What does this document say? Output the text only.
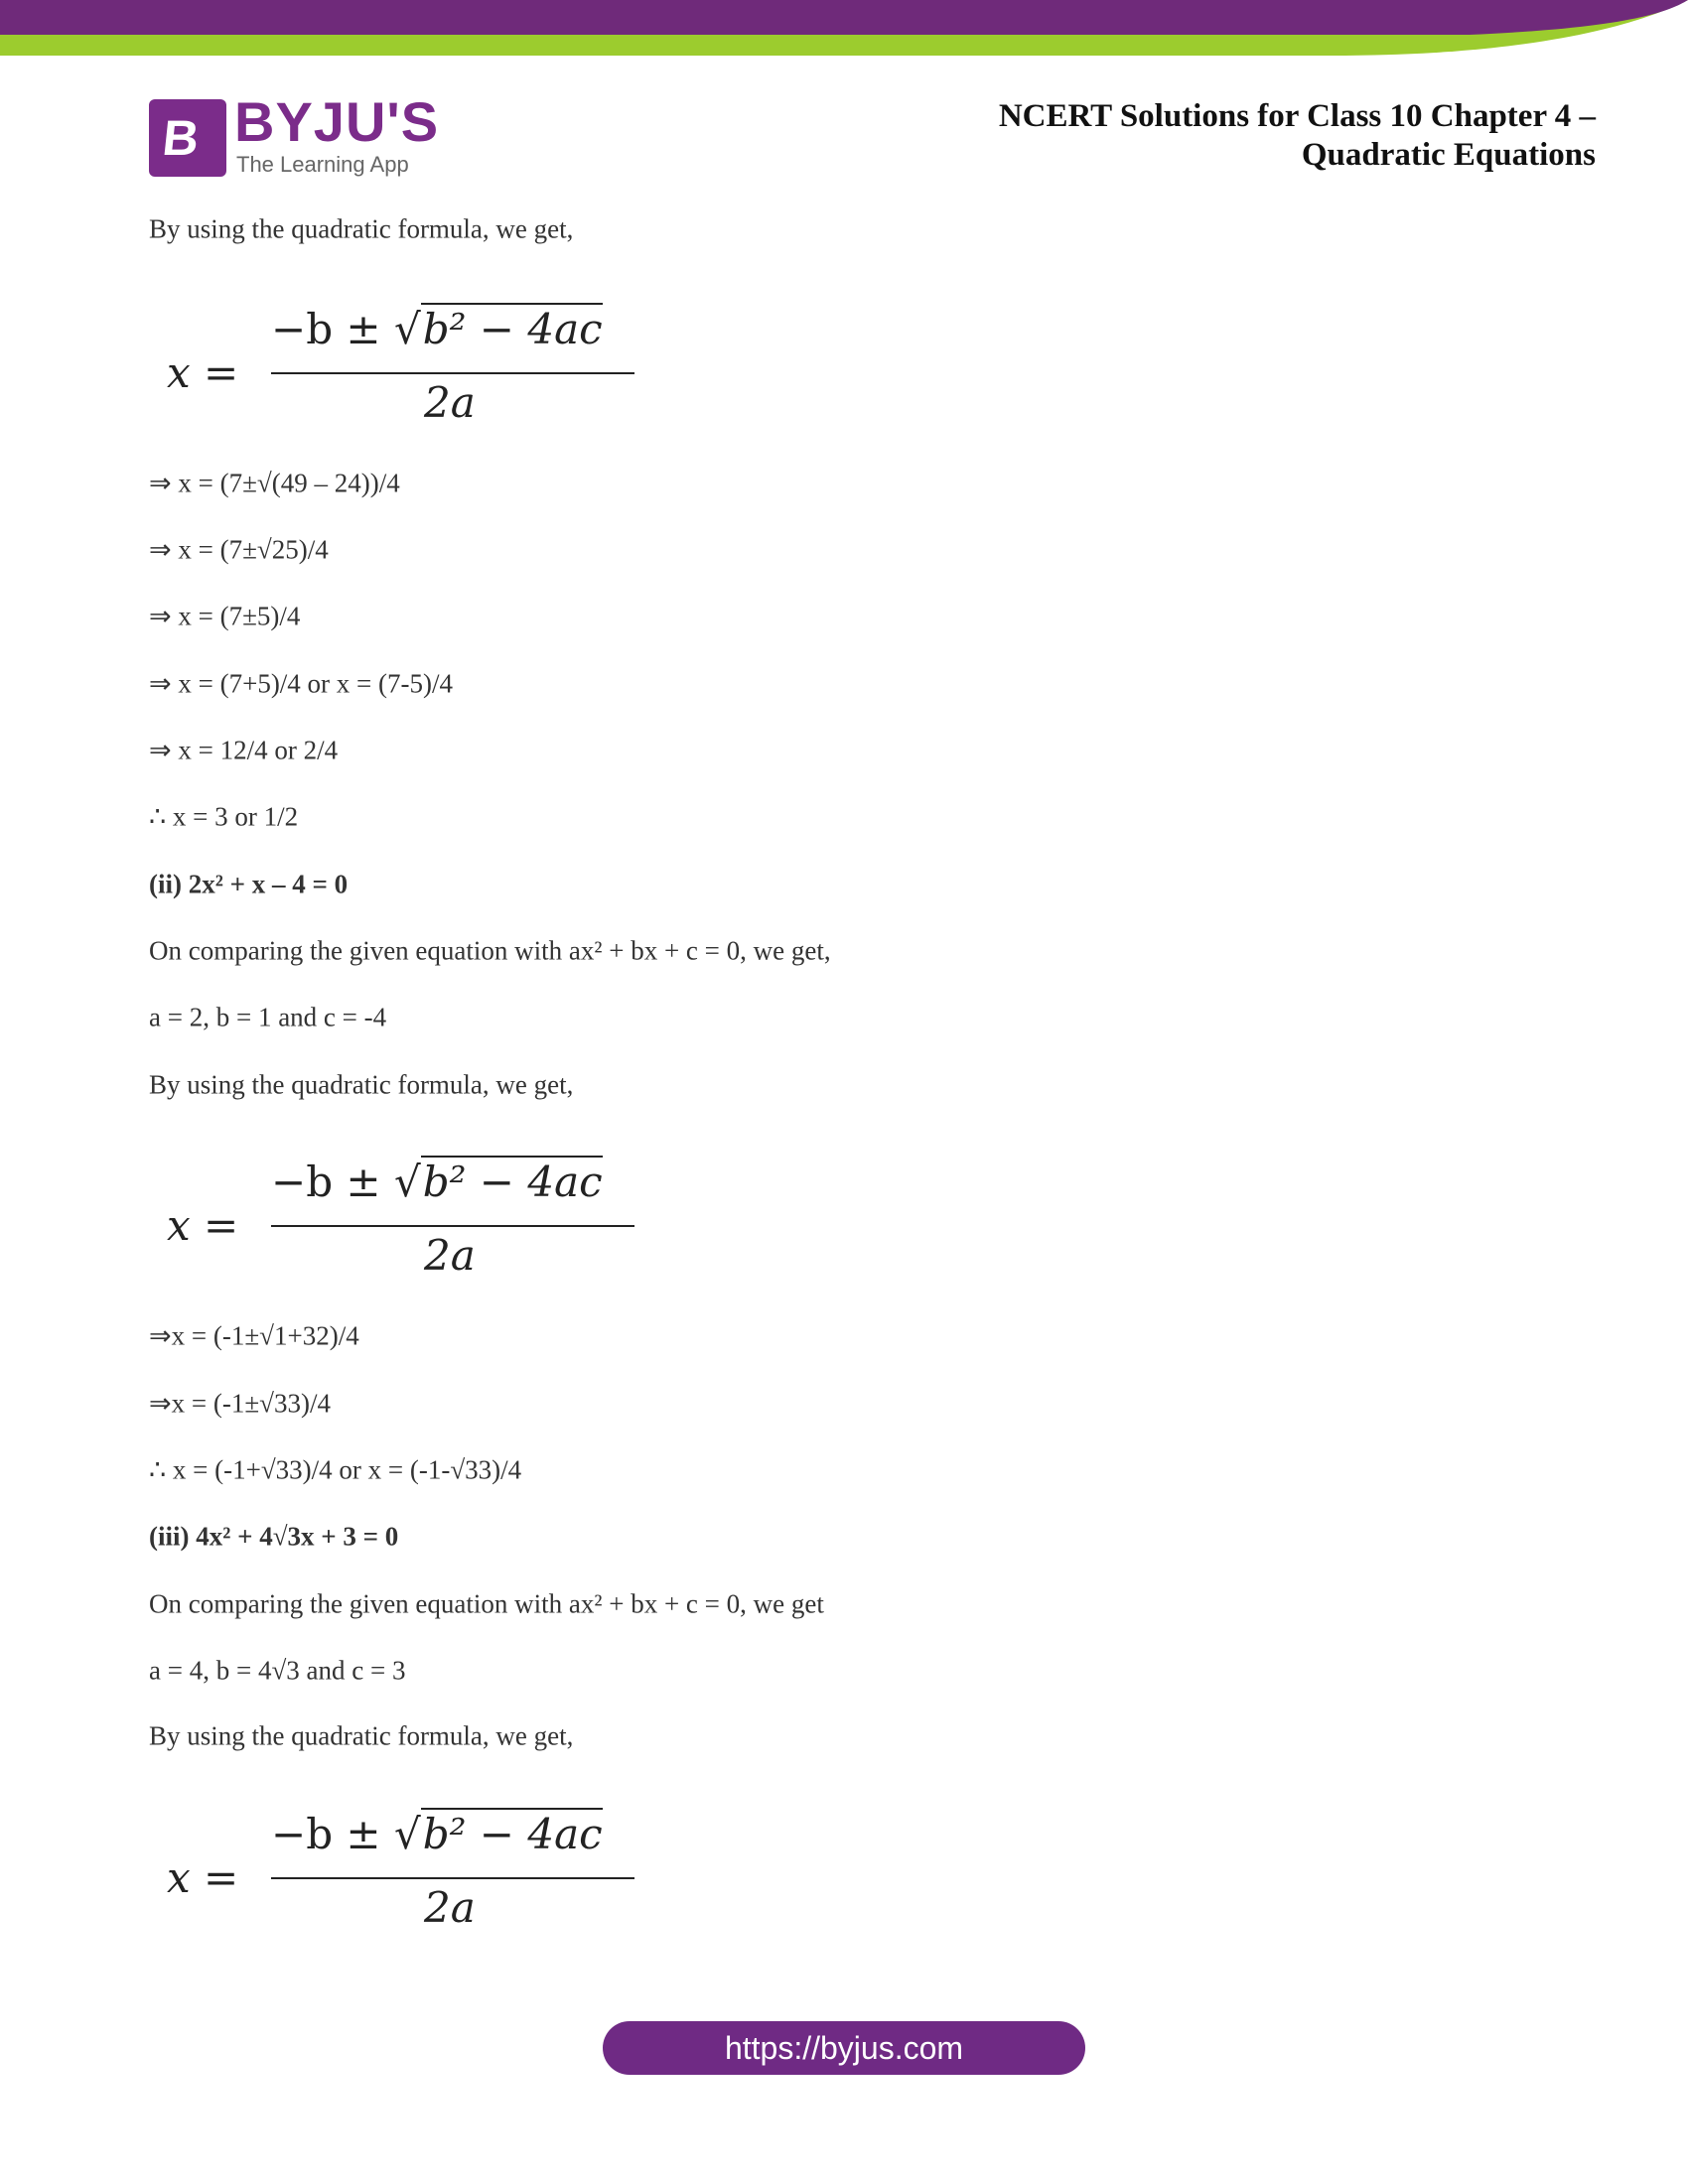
B BYJU'S
The Learning App
NCERT Solutions for Class 10 Chapter 4 –
Quadratic Equations
By using the quadratic formula, we get,
x =
−b ± √b² − 4ac
2a
⇒ x = (7±√(49 – 24))/4
⇒ x = (7±√25)/4
⇒ x = (7±5)/4
⇒ x = (7+5)/4 or x = (7-5)/4
⇒ x = 12/4 or 2/4
∴ x = 3 or 1/2
(ii) 2x² + x – 4 = 0
On comparing the given equation with ax² + bx + c = 0, we get,
a = 2, b = 1 and c = -4
By using the quadratic formula, we get,
x =
−b ± √b² − 4ac
2a
⇒x = (-1±√1+32)/4
⇒x = (-1±√33)/4
∴ x = (-1+√33)/4 or x = (-1-√33)/4
(iii) 4x² + 4√3x + 3 = 0
On comparing the given equation with ax² + bx + c = 0, we get
a = 4, b = 4√3 and c = 3
By using the quadratic formula, we get,
x =
−b ± √b² − 4ac
2a
https://byjus.com
